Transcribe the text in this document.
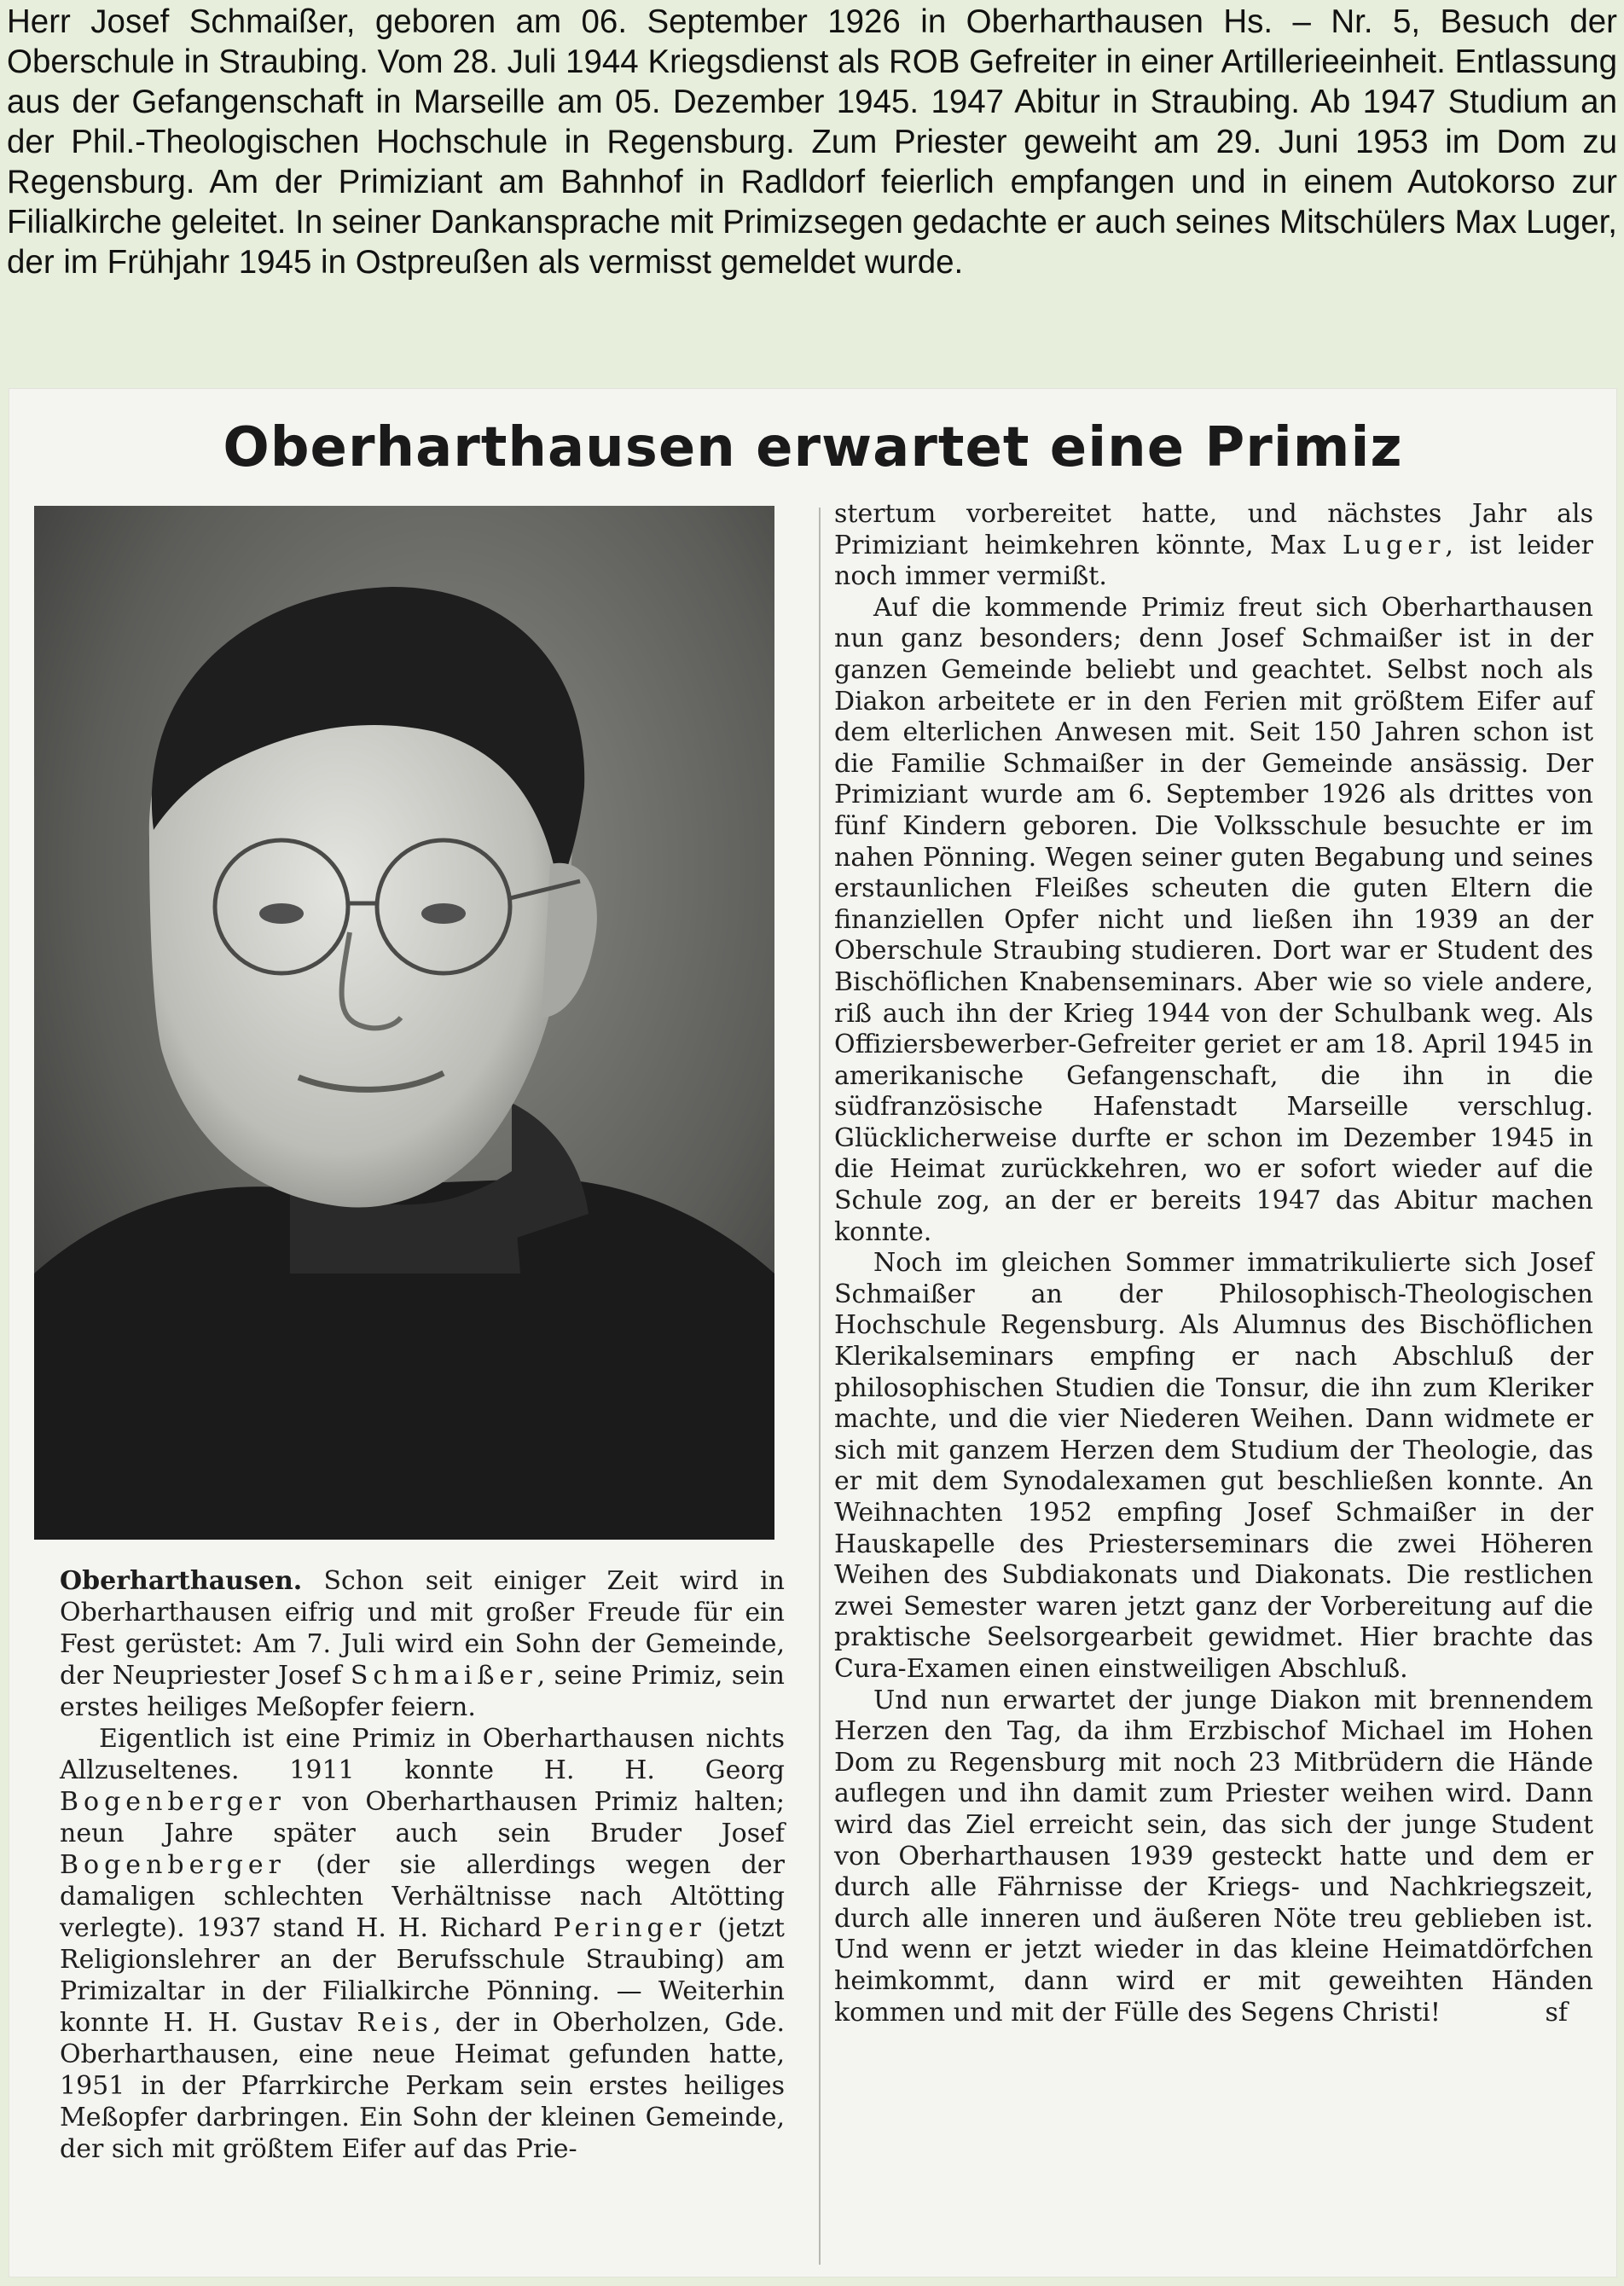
Herr Josef Schmaißer, geboren am 06. September 1926 in Oberharthausen Hs. – Nr. 5, Besuch der Oberschule in Straubing. Vom 28. Juli 1944 Kriegsdienst als ROB Gefreiter in einer Artillerieeinheit. Entlassung aus der Gefangenschaft in Marseille am 05. Dezember 1945. 1947 Abitur in Straubing. Ab 1947 Studium an der Phil.-Theologischen Hochschule in Regensburg. Zum Priester geweiht am 29. Juni 1953 im Dom zu Regensburg. Am der Primiziant am Bahnhof in Radldorf feierlich empfangen und in einem Autokorso zur Filialkirche geleitet. In seiner Dankansprache mit Primizsegen gedachte er auch seines Mitschülers Max Luger, der im Frühjahr 1945 in Ostpreußen als vermisst gemeldet wurde.

Oberharthausen erwartet eine Primiz

Oberharthausen. Schon seit einiger Zeit wird in Oberharthausen eifrig und mit großer Freude für ein Fest gerüstet: Am 7. Juli wird ein Sohn der Gemeinde, der Neupriester Josef Schmaißer, seine Primiz, sein erstes heiliges Meßopfer feiern.

Eigentlich ist eine Primiz in Oberharthausen nichts Allzuseltenes. 1911 konnte H. H. Georg Bogenberger von Oberharthausen Primiz halten; neun Jahre später auch sein Bruder Josef Bogenberger (der sie allerdings wegen der damaligen schlechten Verhältnisse nach Altötting verlegte). 1937 stand H. H. Richard Peringer (jetzt Religionslehrer an der Berufsschule Straubing) am Primizaltar in der Filialkirche Pönning. — Weiterhin konnte H. H. Gustav Reis, der in Oberholzen, Gde. Oberharthausen, eine neue Heimat gefunden hatte, 1951 in der Pfarrkirche Perkam sein erstes heiliges Meßopfer darbringen. Ein Sohn der kleinen Gemeinde, der sich mit größtem Eifer auf das Prie-

stertum vorbereitet hatte, und nächstes Jahr als Primiziant heimkehren könnte, Max Luger, ist leider noch immer vermißt.

Auf die kommende Primiz freut sich Oberharthausen nun ganz besonders; denn Josef Schmaißer ist in der ganzen Gemeinde beliebt und geachtet. Selbst noch als Diakon arbeitete er in den Ferien mit größtem Eifer auf dem elterlichen Anwesen mit. Seit 150 Jahren schon ist die Familie Schmaißer in der Gemeinde ansässig. Der Primiziant wurde am 6. September 1926 als drittes von fünf Kindern geboren. Die Volksschule besuchte er im nahen Pönning. Wegen seiner guten Begabung und seines erstaunlichen Fleißes scheuten die guten Eltern die finanziellen Opfer nicht und ließen ihn 1939 an der Oberschule Straubing studieren. Dort war er Student des Bischöflichen Knabenseminars. Aber wie so viele andere, riß auch ihn der Krieg 1944 von der Schulbank weg. Als Offiziersbewerber-Gefreiter geriet er am 18. April 1945 in amerikanische Gefangenschaft, die ihn in die südfranzösische Hafenstadt Marseille verschlug. Glücklicherweise durfte er schon im Dezember 1945 in die Heimat zurückkehren, wo er sofort wieder auf die Schule zog, an der er bereits 1947 das Abitur machen konnte.

Noch im gleichen Sommer immatrikulierte sich Josef Schmaißer an der Philosophisch-Theologischen Hochschule Regensburg. Als Alumnus des Bischöflichen Klerikalseminars empfing er nach Abschluß der philosophischen Studien die Tonsur, die ihn zum Kleriker machte, und die vier Niederen Weihen. Dann widmete er sich mit ganzem Herzen dem Studium der Theologie, das er mit dem Synodalexamen gut beschließen konnte. An Weihnachten 1952 empfing Josef Schmaißer in der Hauskapelle des Priesterseminars die zwei Höheren Weihen des Subdiakonats und Diakonats. Die restlichen zwei Semester waren jetzt ganz der Vorbereitung auf die praktische Seelsorgearbeit gewidmet. Hier brachte das Cura-Examen einen einstweiligen Abschluß.

Und nun erwartet der junge Diakon mit brennendem Herzen den Tag, da ihm Erzbischof Michael im Hohen Dom zu Regensburg mit noch 23 Mitbrüdern die Hände auflegen und ihn damit zum Priester weihen wird. Dann wird das Ziel erreicht sein, das sich der junge Student von Oberharthausen 1939 gesteckt hatte und dem er durch alle Fährnisse der Kriegs- und Nachkriegszeit, durch alle inneren und äußeren Nöte treu geblieben ist. Und wenn er jetzt wieder in das kleine Heimatdörfchen heimkommt, dann wird er mit geweihten Händen kommen und mit der Fülle des Segens Christi!	sf
